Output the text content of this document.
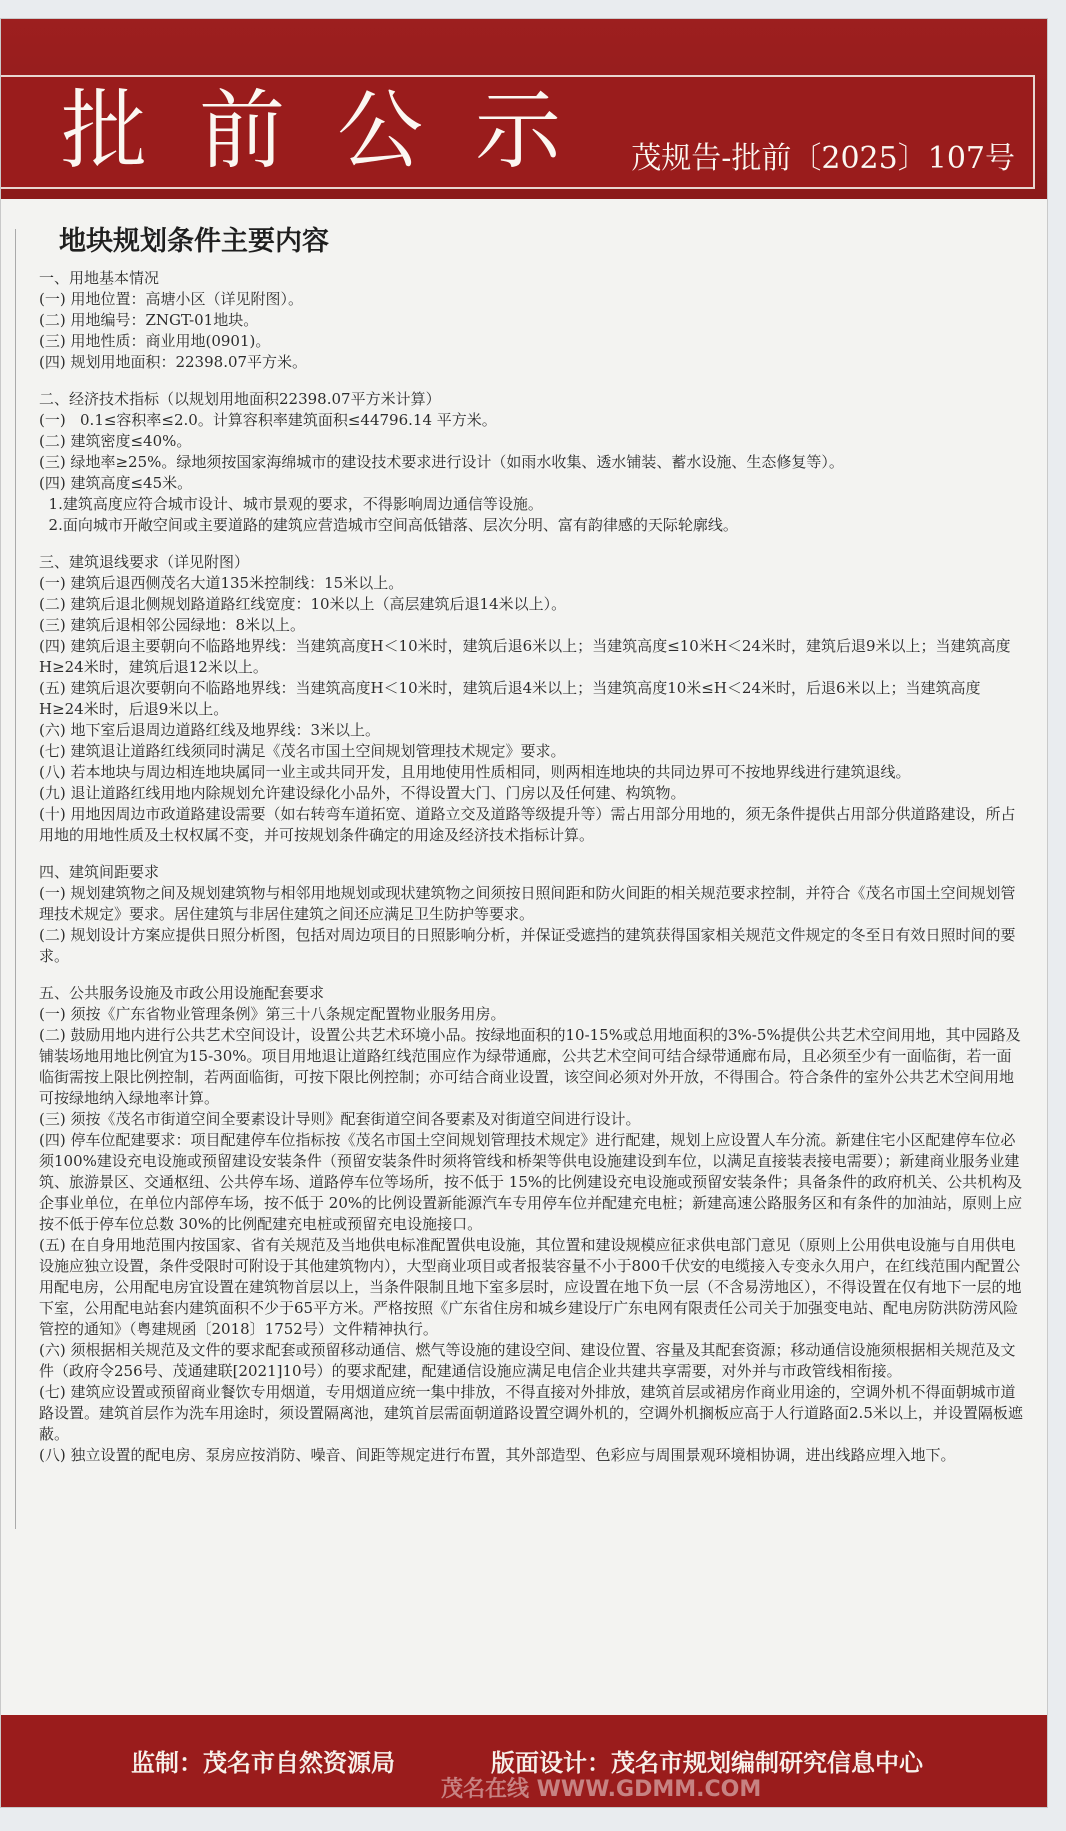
批前公示 茂规告-批前〔2025〕107号
地块规划条件主要内容

一、用地基本情况

(一) 用地位置：高塘小区（详见附图）。

(二) 用地编号：ZNGT-01地块。

(三) 用地性质：商业用地(0901)。

(四) 规划用地面积：22398.07平方米。

二、经济技术指标（以规划用地面积22398.07平方米计算）

(一)   0.1≤容积率≤2.0。计算容积率建筑面积≤44796.14 平方米。

(二) 建筑密度≤40%。

(三) 绿地率≥25%。绿地须按国家海绵城市的建设技术要求进行设计（如雨水收集、透水铺装、蓄水设施、生态修复等）。

(四) 建筑高度≤45米。

1.建筑高度应符合城市设计、城市景观的要求，不得影响周边通信等设施。

2.面向城市开敞空间或主要道路的建筑应营造城市空间高低错落、层次分明、富有韵律感的天际轮廓线。

三、建筑退线要求（详见附图）

(一) 建筑后退西侧茂名大道135米控制线：15米以上。

(二) 建筑后退北侧规划路道路红线宽度：10米以上（高层建筑后退14米以上）。

(三) 建筑后退相邻公园绿地：8米以上。

(四) 建筑后退主要朝向不临路地界线：当建筑高度H＜10米时，建筑后退6米以上；当建筑高度≤10米H＜24米时，建筑后退9米以上；当建筑高度H≥24米时，建筑后退12米以上。

(五) 建筑后退次要朝向不临路地界线：当建筑高度H＜10米时，建筑后退4米以上；当建筑高度10米≤H＜24米时，后退6米以上；当建筑高度H≥24米时，后退9米以上。

(六) 地下室后退周边道路红线及地界线：3米以上。

(七) 建筑退让道路红线须同时满足《茂名市国土空间规划管理技术规定》要求。

(八) 若本地块与周边相连地块属同一业主或共同开发，且用地使用性质相同，则两相连地块的共同边界可不按地界线进行建筑退线。

(九) 退让道路红线用地内除规划允许建设绿化小品外，不得设置大门、门房以及任何建、构筑物。

(十) 用地因周边市政道路建设需要（如右转弯车道拓宽、道路立交及道路等级提升等）需占用部分用地的，须无条件提供占用部分供道路建设，所占用地的用地性质及土权权属不变，并可按规划条件确定的用途及经济技术指标计算。

四、建筑间距要求

(一) 规划建筑物之间及规划建筑物与相邻用地规划或现状建筑物之间须按日照间距和防火间距的相关规范要求控制，并符合《茂名市国土空间规划管理技术规定》要求。居住建筑与非居住建筑之间还应满足卫生防护等要求。

(二) 规划设计方案应提供日照分析图，包括对周边项目的日照影响分析，并保证受遮挡的建筑获得国家相关规范文件规定的冬至日有效日照时间的要求。

五、公共服务设施及市政公用设施配套要求

(一) 须按《广东省物业管理条例》第三十八条规定配置物业服务用房。

(二) 鼓励用地内进行公共艺术空间设计，设置公共艺术环境小品。按绿地面积的10-15%或总用地面积的3%-5%提供公共艺术空间用地，其中园路及铺装场地用地比例宜为15-30%。项目用地退让道路红线范围应作为绿带通廊，公共艺术空间可结合绿带通廊布局，且必须至少有一面临街，若一面临街需按上限比例控制，若两面临街，可按下限比例控制；亦可结合商业设置，该空间必须对外开放，不得围合。符合条件的室外公共艺术空间用地可按绿地纳入绿地率计算。

(三) 须按《茂名市街道空间全要素设计导则》配套街道空间各要素及对街道空间进行设计。

(四) 停车位配建要求：项目配建停车位指标按《茂名市国土空间规划管理技术规定》进行配建，规划上应设置人车分流。新建住宅小区配建停车位必须100%建设充电设施或预留建设安装条件（预留安装条件时须将管线和桥架等供电设施建设到车位，以满足直接装表接电需要）；新建商业服务业建筑、旅游景区、交通枢纽、公共停车场、道路停车位等场所，按不低于 15%的比例建设充电设施或预留安装条件；具备条件的政府机关、公共机构及企事业单位，在单位内部停车场，按不低于 20%的比例设置新能源汽车专用停车位并配建充电桩；新建高速公路服务区和有条件的加油站，原则上应按不低于停车位总数 30%的比例配建充电桩或预留充电设施接口。

(五) 在自身用地范围内按国家、省有关规范及当地供电标准配置供电设施，其位置和建设规模应征求供电部门意见（原则上公用供电设施与自用供电设施应独立设置，条件受限时可附设于其他建筑物内），大型商业项目或者报装容量不小于800千伏安的电缆接入专变永久用户，在红线范围内配置公用配电房，公用配电房宜设置在建筑物首层以上，当条件限制且地下室多层时，应设置在地下负一层（不含易涝地区），不得设置在仅有地下一层的地下室，公用配电站套内建筑面积不少于65平方米。严格按照《广东省住房和城乡建设厅广东电网有限责任公司关于加强变电站、配电房防洪防涝风险管控的通知》（粤建规函〔2018〕1752号）文件精神执行。

(六) 须根据相关规范及文件的要求配套或预留移动通信、燃气等设施的建设空间、建设位置、容量及其配套资源；移动通信设施须根据相关规范及文件（政府令256号、茂通建联[2021]10号）的要求配建，配建通信设施应满足电信企业共建共享需要，对外并与市政管线相衔接。

(七) 建筑应设置或预留商业餐饮专用烟道，专用烟道应统一集中排放，不得直接对外排放，建筑首层或裙房作商业用途的，空调外机不得面朝城市道路设置。建筑首层作为洗车用途时，须设置隔离池，建筑首层需面朝道路设置空调外机的，空调外机搁板应高于人行道路面2.5米以上，并设置隔板遮蔽。

(八) 独立设置的配电房、泵房应按消防、噪音、间距等规定进行布置，其外部造型、色彩应与周围景观环境相协调，进出线路应埋入地下。

监制：茂名市自然资源局	版面设计：茂名市规划编制研究信息中心
茂名在线 WWW.GDMM.COM
